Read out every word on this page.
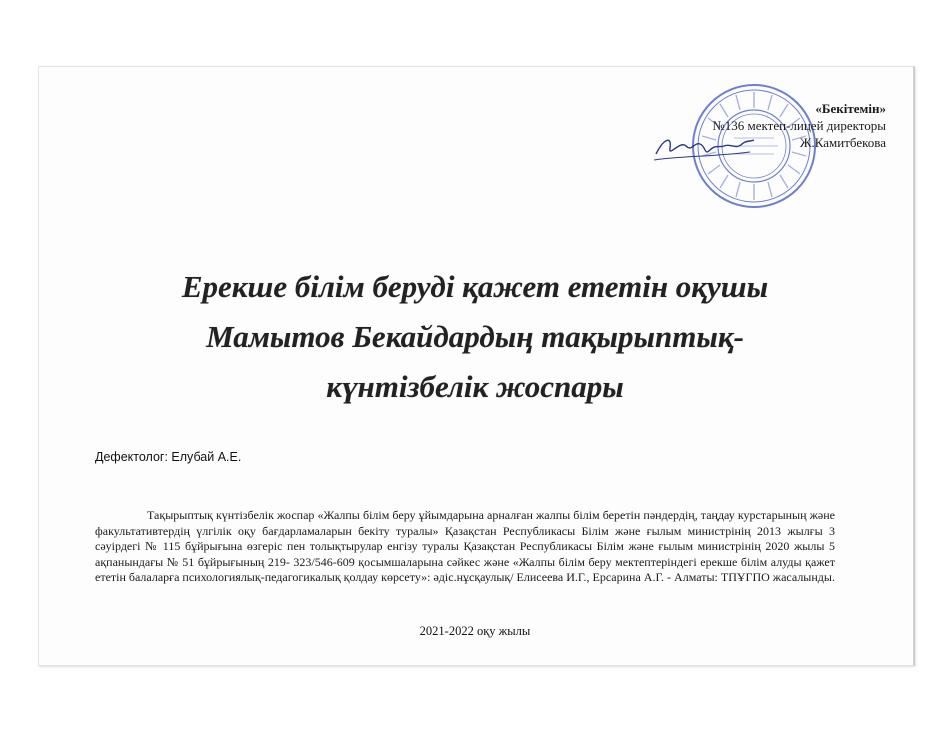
«Бекітемін»
№136 мектеп-лицей директоры
Ж.Камитбекова
Ерекше білім беруді қажет ететін оқушы
Мамытов Бекайдардың тақырыптық-
күнтізбелік жоспары
Дефектолог: Елубай А.Е.
Тақырыптық күнтізбелік жоспар «Жалпы білім беру ұйымдарына арналған жалпы білім беретін пәндердің, таңдау курстарының және факультативтердің үлгілік оқу бағдарламаларын бекіту туралы» Қазақстан Республикасы Білім және ғылым министрінің 2013 жылғы 3 сәуірдегі № 115 бұйрығына өзгеріс пен толықтырулар енгізу туралы Қазақстан Республикасы Білім және ғылым министрінің 2020 жылы 5 ақпанындағы № 51 бұйрығының 219- 323/546-609 қосымшаларына сәйкес және «Жалпы білім беру мектептеріндегі ерекше білім алуды қажет ететін балаларға психологиялық-педагогикалық қолдау көрсету»: әдіс.нұсқаулық/ Елисеева И.Г., Ерсарина А.Г. - Алматы: ТПҰГПО жасалынды.
2021-2022 оқу жылы
